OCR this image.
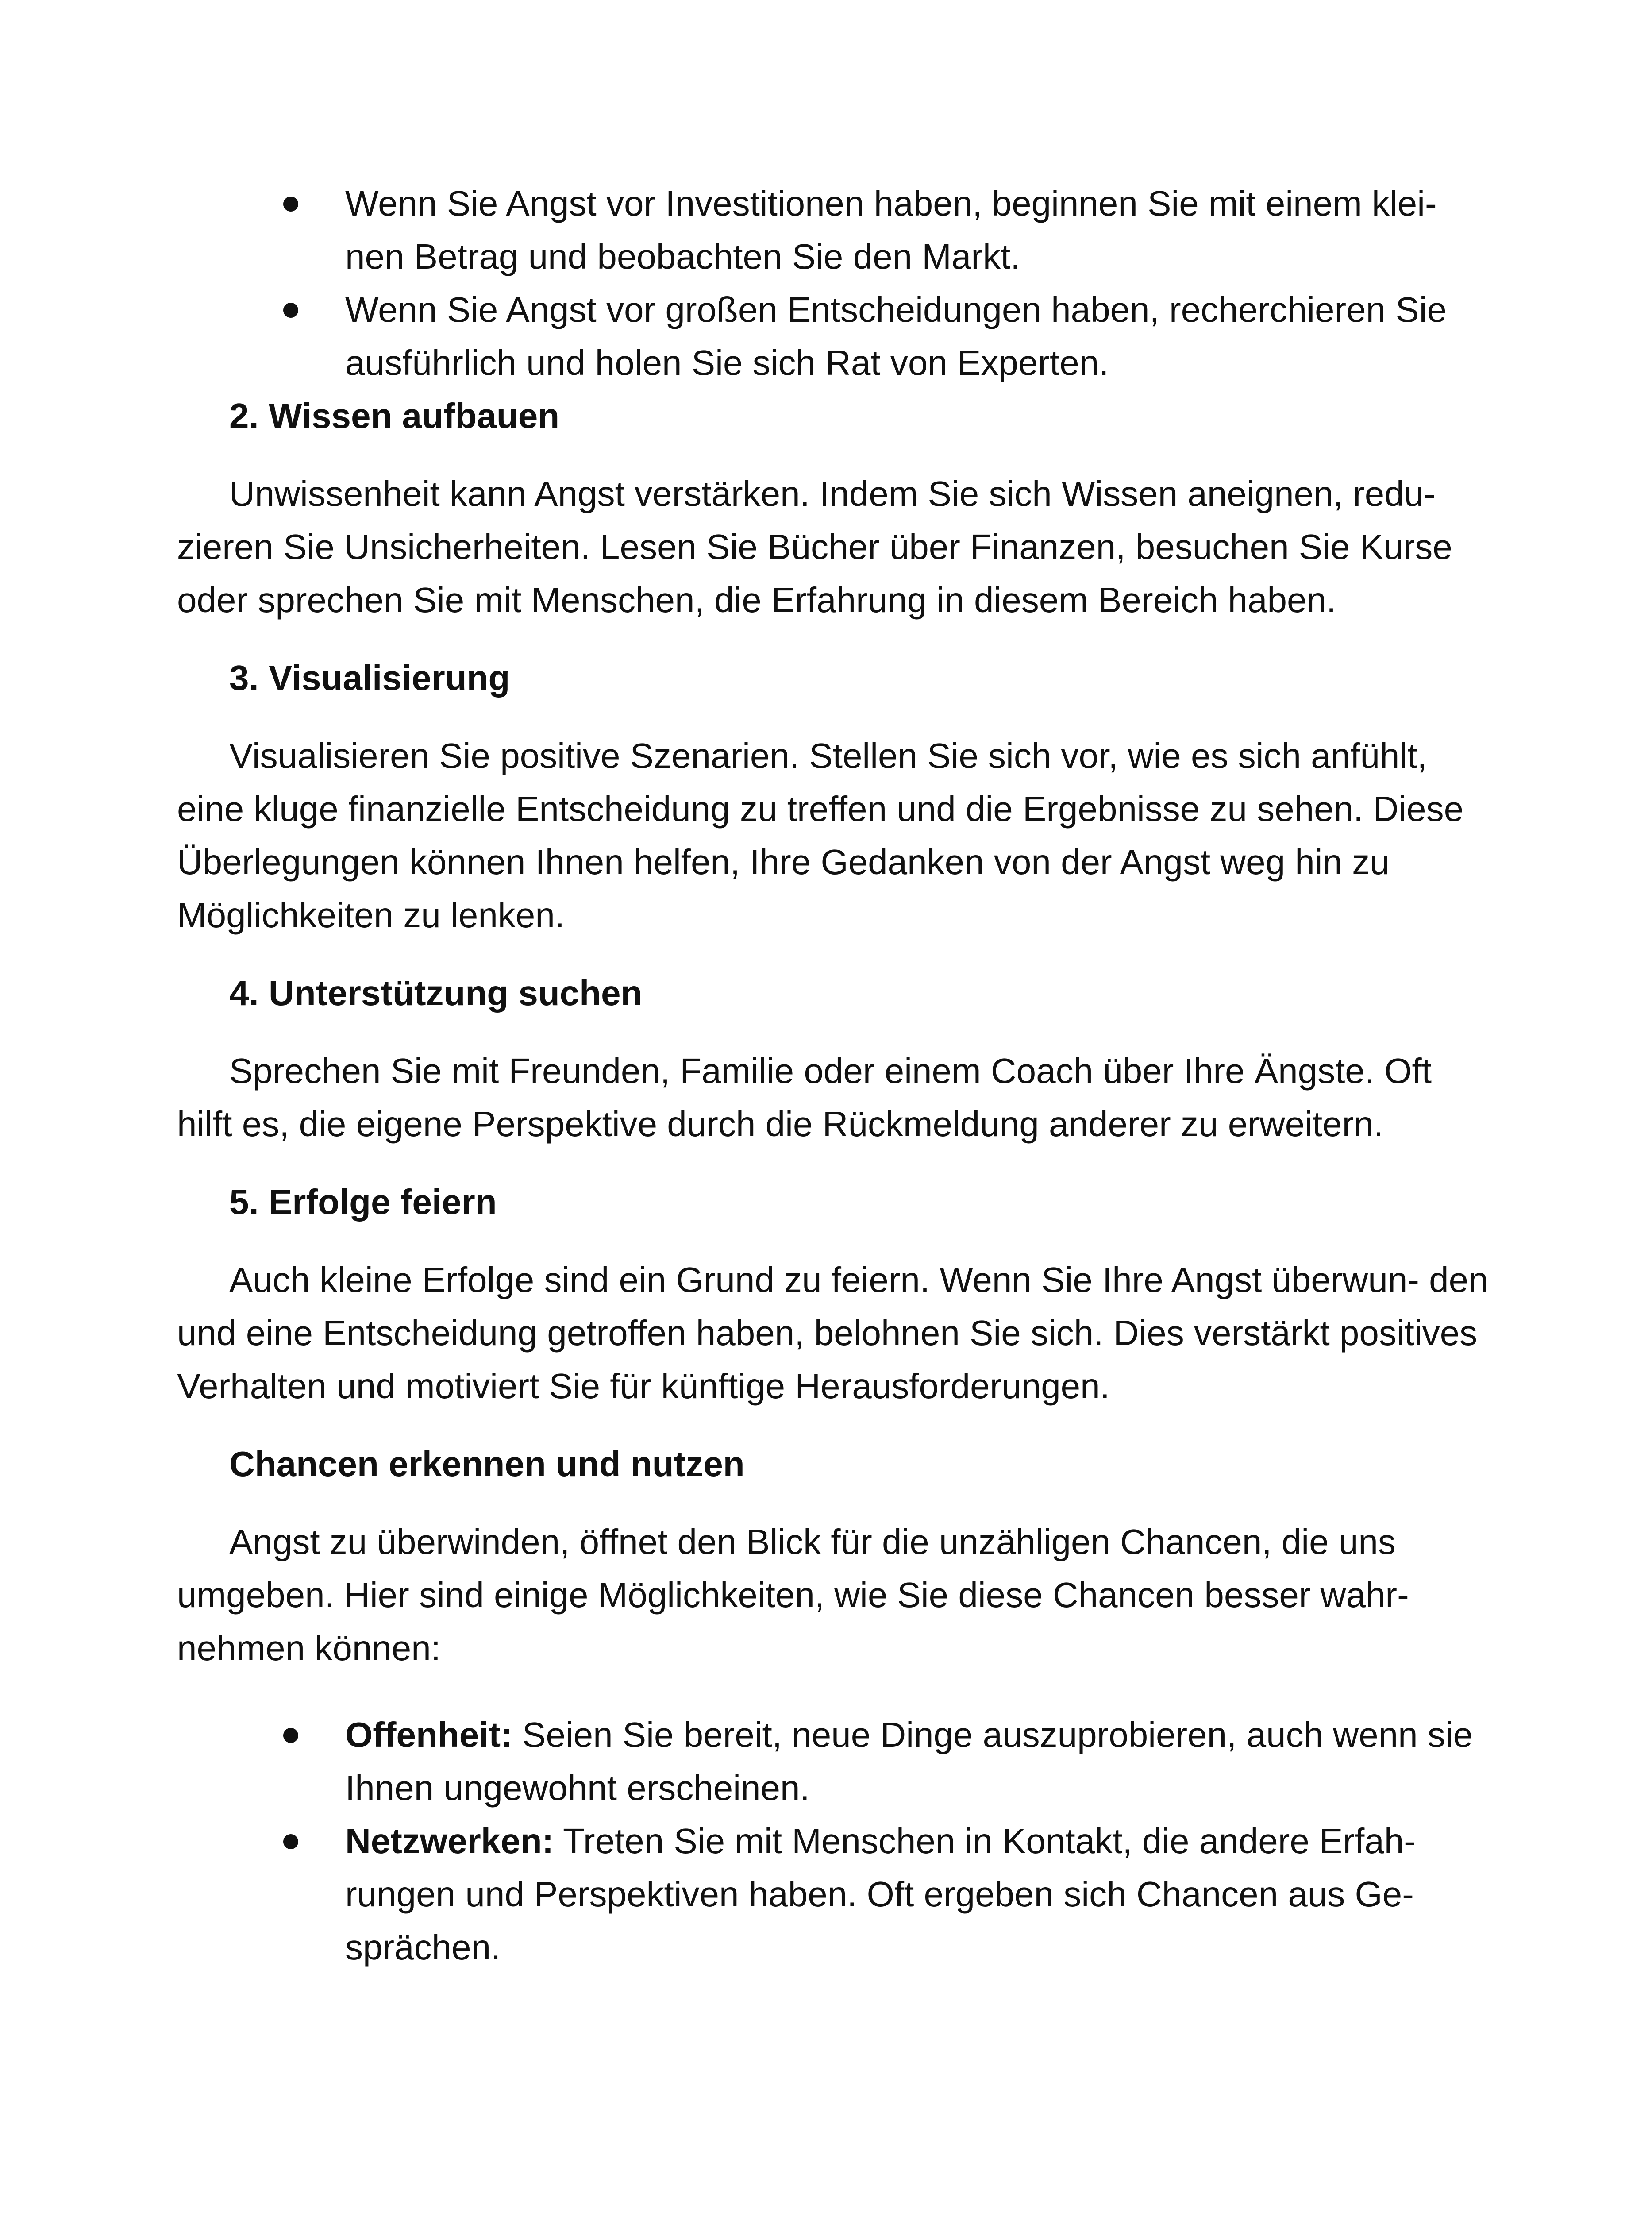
Wenn Sie Angst vor Investitionen haben, beginnen Sie mit einem klei- nen Betrag und beobachten Sie den Markt.
Wenn Sie Angst vor großen Entscheidungen haben, recherchieren Sie ausführlich und holen Sie sich Rat von Experten.
2. Wissen aufbauen

Unwissenheit kann Angst verstärken. Indem Sie sich Wissen aneignen, redu- zieren Sie Unsicherheiten. Lesen Sie Bücher über Finanzen, besuchen Sie Kurse oder sprechen Sie mit Menschen, die Erfahrung in diesem Bereich haben.

3. Visualisierung

Visualisieren Sie positive Szenarien. Stellen Sie sich vor, wie es sich anfühlt, eine kluge finanzielle Entscheidung zu treffen und die Ergebnisse zu sehen. Diese Überlegungen können Ihnen helfen, Ihre Gedanken von der Angst weg hin zu Möglichkeiten zu lenken.

4. Unterstützung suchen

Sprechen Sie mit Freunden, Familie oder einem Coach über Ihre Ängste. Oft hilft es, die eigene Perspektive durch die Rückmeldung anderer zu erweitern.

5. Erfolge feiern

Auch kleine Erfolge sind ein Grund zu feiern. Wenn Sie Ihre Angst überwun- den und eine Entscheidung getroffen haben, belohnen Sie sich. Dies verstärkt positives Verhalten und motiviert Sie für künftige Herausforderungen.

Chancen erkennen und nutzen

Angst zu überwinden, öffnet den Blick für die unzähligen Chancen, die uns umgeben. Hier sind einige Möglichkeiten, wie Sie diese Chancen besser wahr- nehmen können:

Offenheit: Seien Sie bereit, neue Dinge auszuprobieren, auch wenn sie Ihnen ungewohnt erscheinen.
Netzwerken: Treten Sie mit Menschen in Kontakt, die andere Erfah- rungen und Perspektiven haben. Oft ergeben sich Chancen aus Ge- sprächen.
